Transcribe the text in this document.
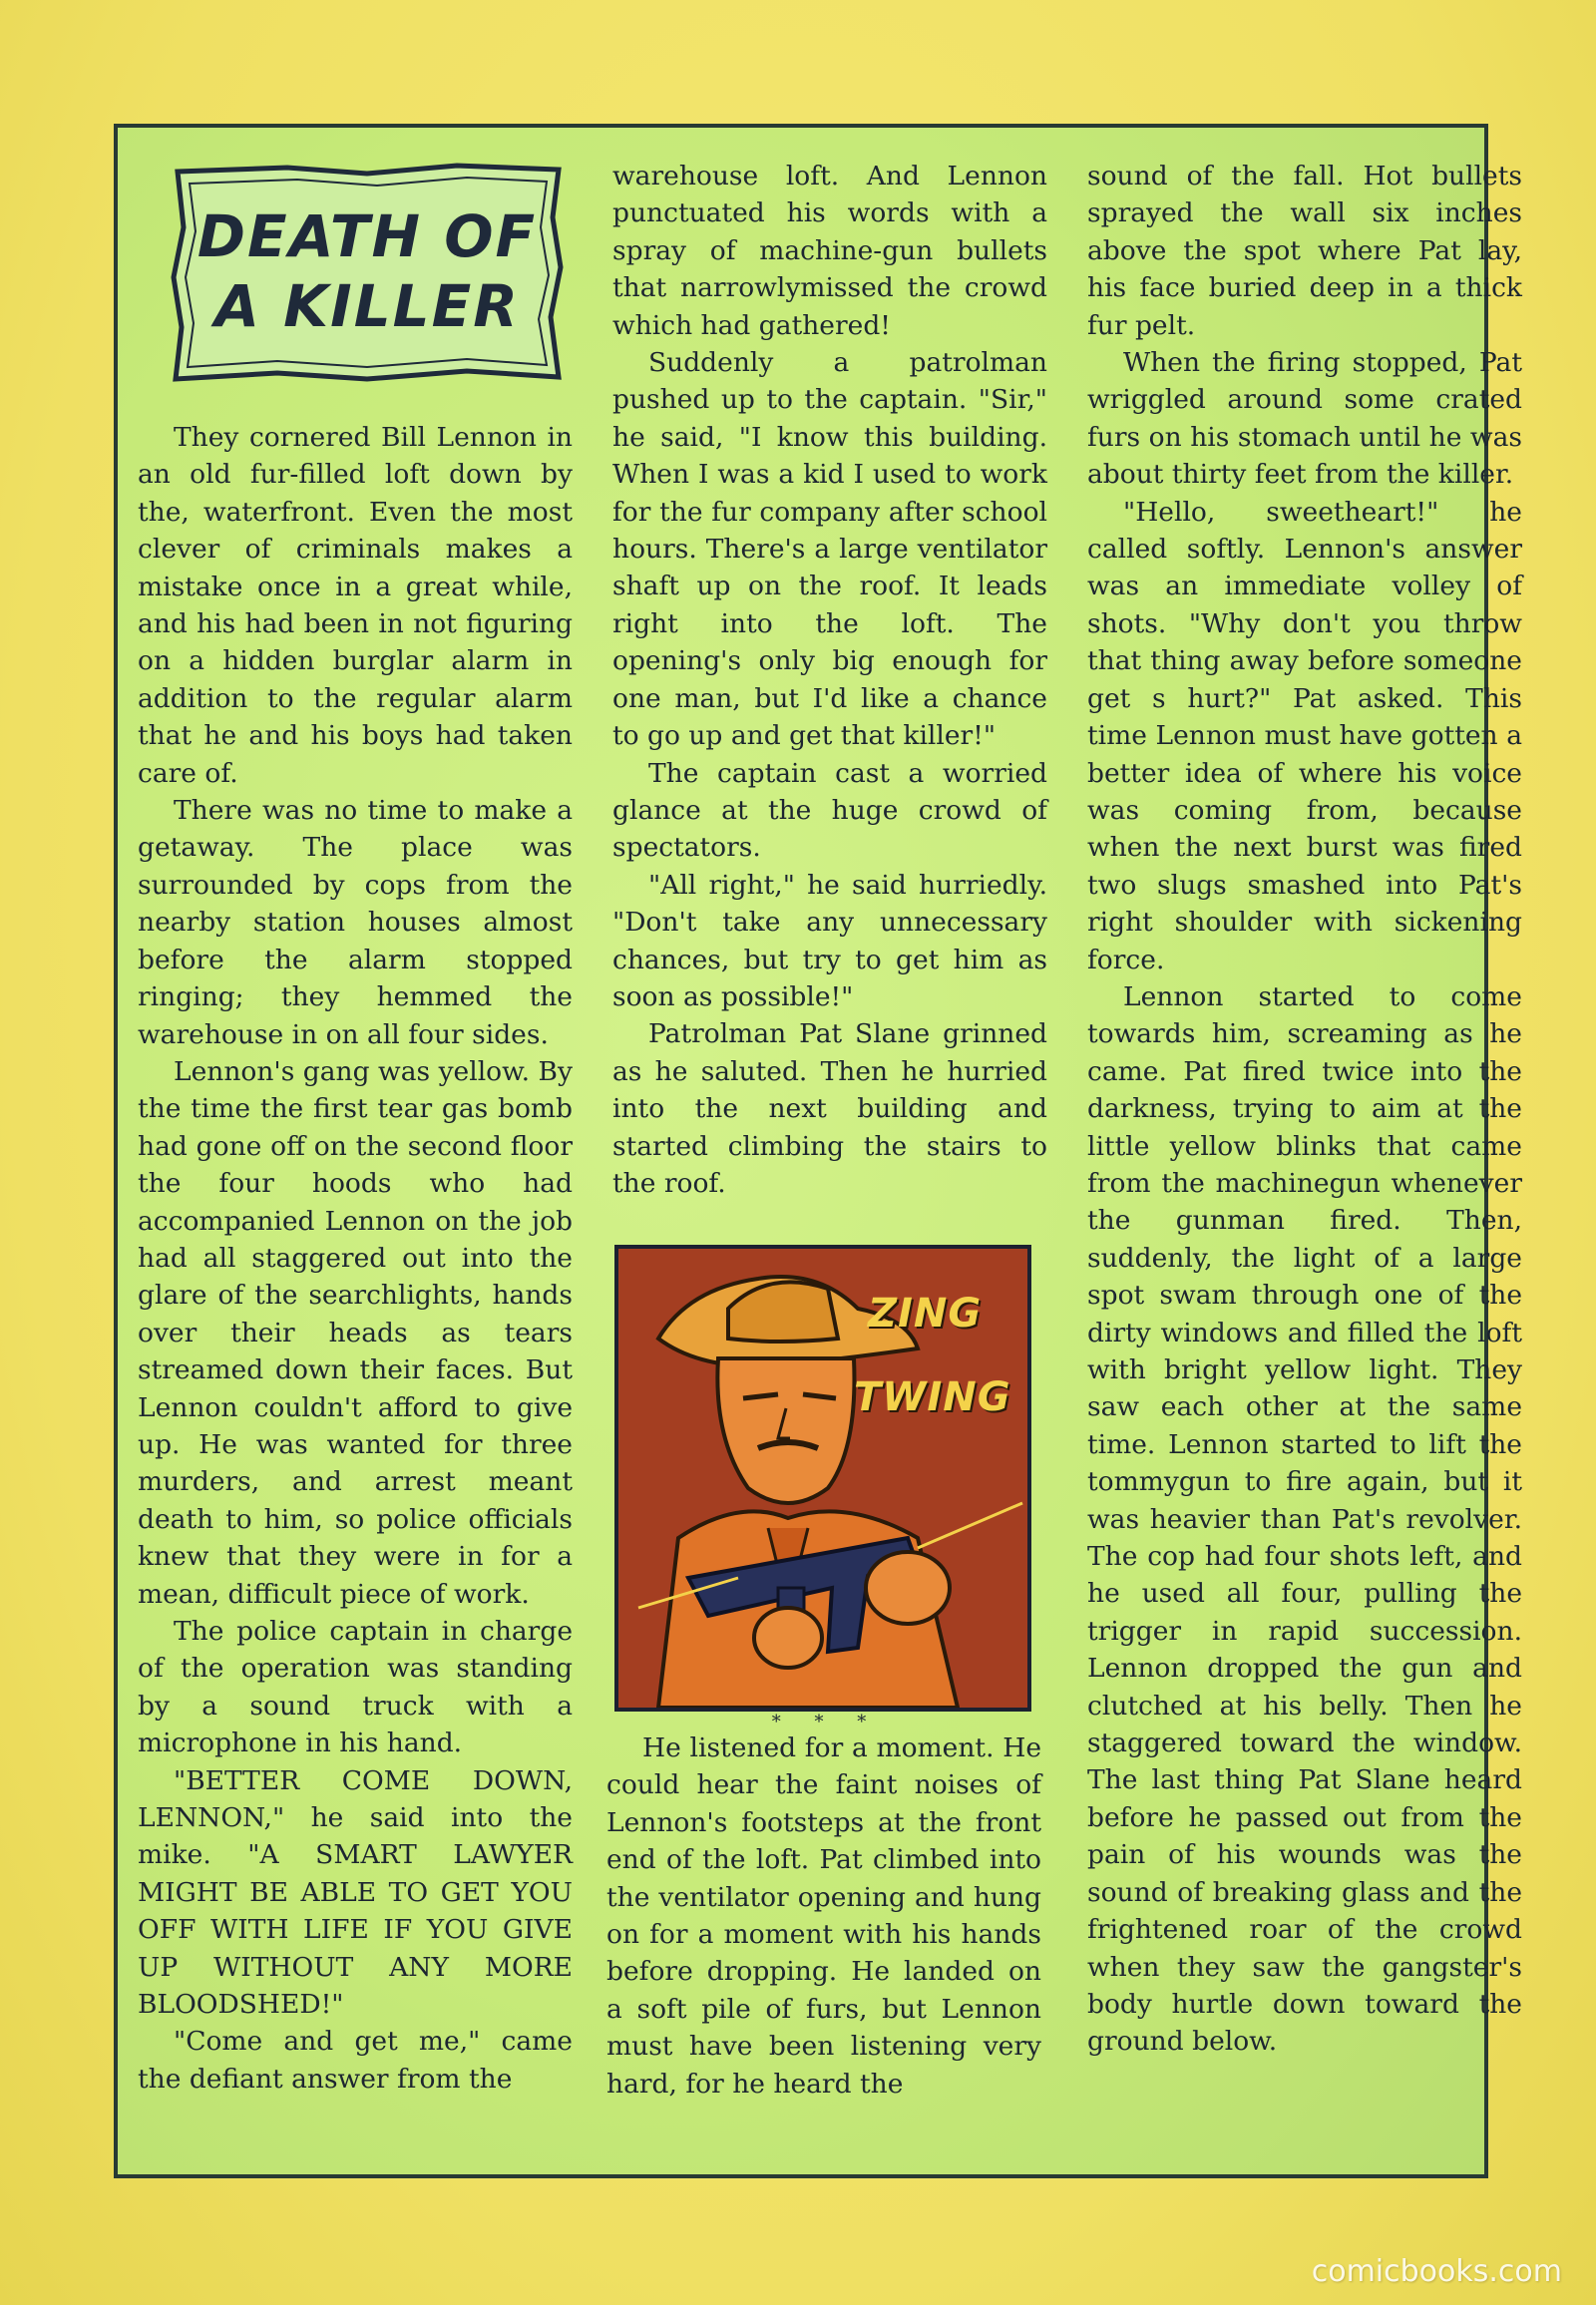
DEATH OF
A KILLER

They cornered Bill Lennon in an old fur-filled loft down by the, waterfront. Even the most clever of criminals makes a mistake once in a great while, and his had been in not figuring on a hidden burglar alarm in addition to the regular alarm that he and his boys had taken care of.

There was no time to make a getaway. The place was surrounded by cops from the nearby station houses almost before the alarm stopped ringing; they hemmed the warehouse in on all four sides.

Lennon's gang was yellow. By the time the first tear gas bomb had gone off on the second floor the four hoods who had accompanied Lennon on the job had all staggered out into the glare of the searchlights, hands over their heads as tears streamed down their faces. But Lennon couldn't afford to give up. He was wanted for three murders, and arrest meant death to him, so police officials knew that they were in for a mean, difficult piece of work.

The police captain in charge of the operation was standing by a sound truck with a microphone in his hand.

"BETTER COME DOWN, LENNON," he said into the mike. "A SMART LAWYER MIGHT BE ABLE TO GET YOU OFF WITH LIFE IF YOU GIVE UP WITHOUT ANY MORE BLOODSHED!"

"Come and get me," came the defiant answer from the

warehouse loft. And Lennon punctuated his words with a spray of machine-gun bullets that narrowlymissed the crowd which had gathered!

Suddenly a patrolman pushed up to the captain. "Sir," he said, "I know this building. When I was a kid I used to work for the fur company after school hours. There's a large ventilator shaft up on the roof. It leads right into the loft. The opening's only big enough for one man, but I'd like a chance to go up and get that killer!"

The captain cast a worried glance at the huge crowd of spectators.

"All right," he said hurriedly. "Don't take any unnecessary chances, but try to get him as soon as possible!"

Patrolman Pat Slane grinned as he saluted. Then he hurried into the next building and started climbing the stairs to the roof.

ZING
TWING
* * *

He listened for a moment. He could hear the faint noises of Lennon's footsteps at the front end of the loft. Pat climbed into the ventilator opening and hung on for a moment with his hands before dropping. He landed on a soft pile of furs, but Lennon must have been listening very hard, for he heard the

sound of the fall. Hot bullets sprayed the wall six inches above the spot where Pat lay, his face buried deep in a thick fur pelt.

When the firing stopped, Pat wriggled around some crated furs on his stomach until he was about thirty feet from the killer.

"Hello, sweetheart!" he called softly. Lennon's answer was an immediate volley of shots. "Why don't you throw that thing away before someone get s hurt?" Pat asked. This time Lennon must have gotten a better idea of where his voice was coming from, because when the next burst was fired two slugs smashed into Pat's right shoulder with sickening force.

Lennon started to come towards him, screaming as he came. Pat fired twice into the darkness, trying to aim at the little yellow blinks that came from the machinegun whenever the gunman fired. Then, suddenly, the light of a large spot swam through one of the dirty windows and filled the loft with bright yellow light. They saw each other at the same time. Lennon started to lift the tommygun to fire again, but it was heavier than Pat's revolver. The cop had four shots left, and he used all four, pulling the trigger in rapid succession. Lennon dropped the gun and clutched at his belly. Then he staggered toward the window. The last thing Pat Slane heard before he passed out from the pain of his wounds was the sound of breaking glass and the frightened roar of the crowd when they saw the gangster's body hurtle down toward the ground below.

comicbooks.com
